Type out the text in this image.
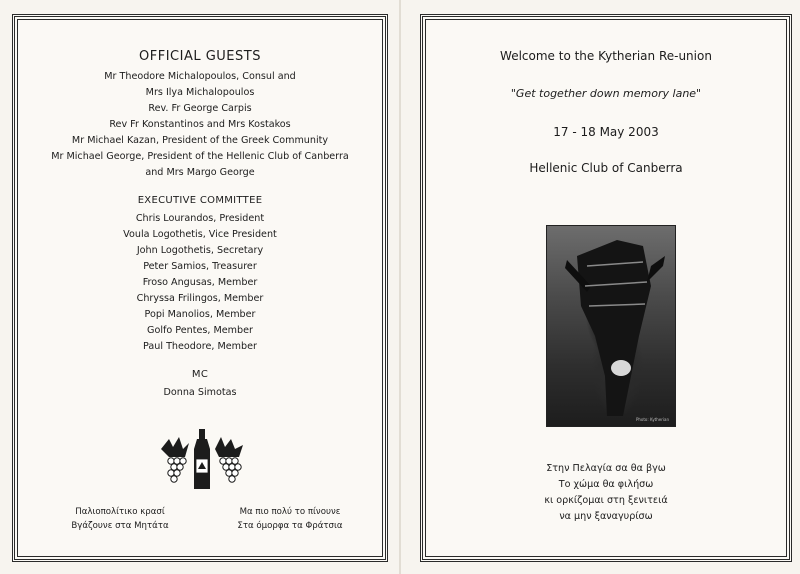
OFFICIAL GUESTS
Mr Theodore Michalopoulos, Consul and
Mrs Ilya Michalopoulos
Rev. Fr George Carpis
Rev Fr Konstantinos and Mrs Kostakos
Mr Michael Kazan, President of the Greek Community
Mr Michael George, President of the Hellenic Club of Canberra
and Mrs Margo George
EXECUTIVE COMMITTEE
Chris Lourandos, President
Voula Logothetis, Vice President
John Logothetis, Secretary
Peter Samios, Treasurer
Froso Angusas, Member
Chryssa Frilingos, Member
Popi Manolios, Member
Golfo Pentes, Member
Paul Theodore, Member
MC
Donna Simotas
Παλιοπολίτικο κρασί
Βγάζουνε στα Μητάτα
Μα πιο πολύ το πίνουνε
Στα όμορφα τα Φράτσια
Welcome to the Kytherian Re-union
"Get together down memory lane"
17 - 18 May 2003
Hellenic Club of Canberra
Photo: Kytherian
Στην Πελαγία σα θα βγω
Το χώμα θα φιλήσω
κι ορκίζομαι στη ξενιτειά
να μην ξαναγυρίσω
